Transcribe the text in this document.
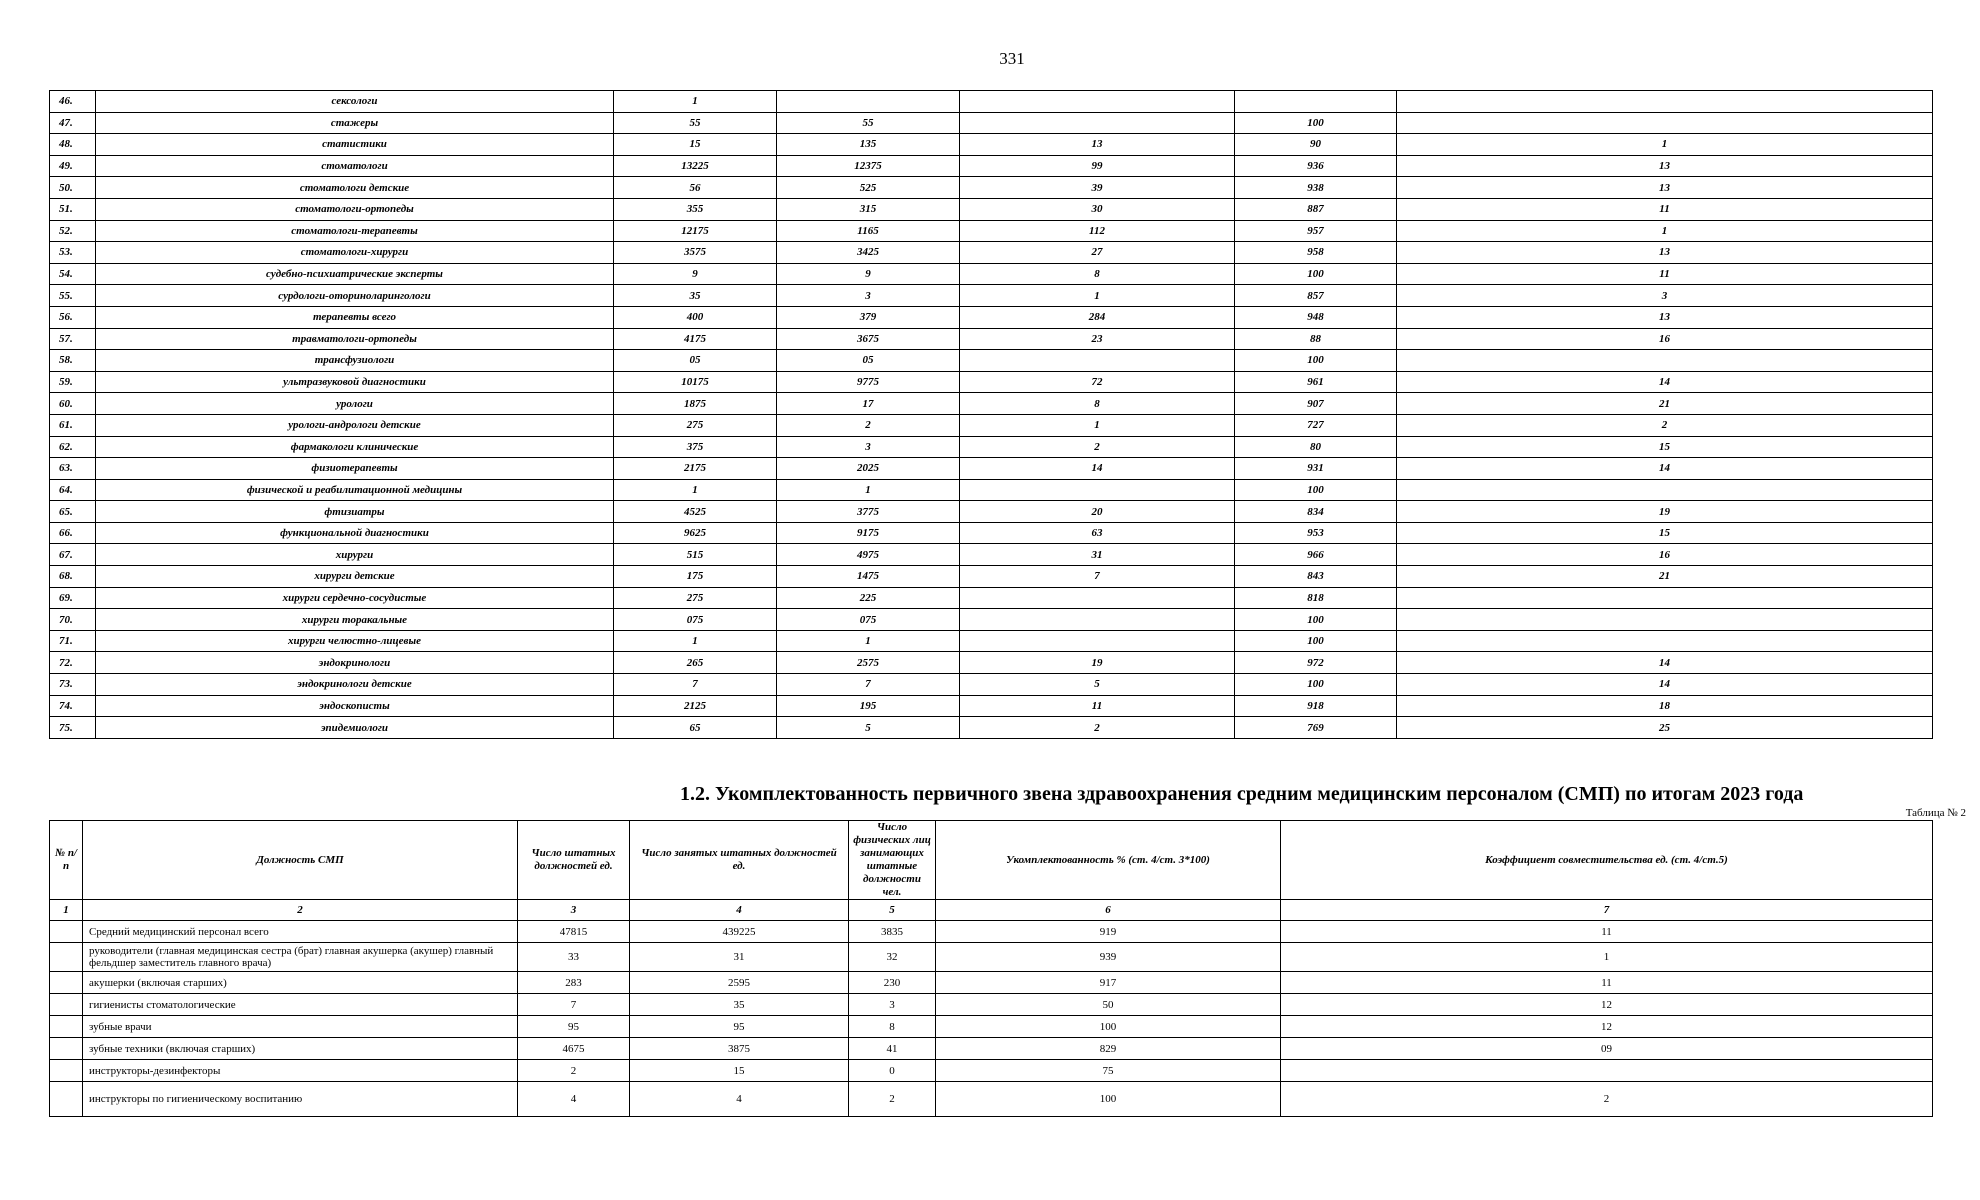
331
46.	сексологи	1				
47.	стажеры	55	55		100	
48.	статистики	15	135	13	90	1
49.	стоматологи	13225	12375	99	936	13
50.	стоматологи детские	56	525	39	938	13
51.	стоматологи-ортопеды	355	315	30	887	11
52.	стоматологи-терапевты	12175	1165	112	957	1
53.	стоматологи-хирурги	3575	3425	27	958	13
54.	судебно-психиатрические эксперты	9	9	8	100	11
55.	сурдологи-оториноларингологи	35	3	1	857	3
56.	терапевты всего	400	379	284	948	13
57.	травматологи-ортопеды	4175	3675	23	88	16
58.	трансфузиологи	05	05		100	
59.	ультразвуковой диагностики	10175	9775	72	961	14
60.	урологи	1875	17	8	907	21
61.	урологи-андрологи детские	275	2	1	727	2
62.	фармакологи клинические	375	3	2	80	15
63.	физиотерапевты	2175	2025	14	931	14
64.	физической и реабилитационной медицины	1	1		100	
65.	фтизиатры	4525	3775	20	834	19
66.	функциональной диагностики	9625	9175	63	953	15
67.	хирурги	515	4975	31	966	16
68.	хирурги детские	175	1475	7	843	21
69.	хирурги сердечно-сосудистые	275	225		818	
70.	хирурги торакальные	075	075		100	
71.	хирурги челюстно-лицевые	1	1		100	
72.	эндокринологи	265	2575	19	972	14
73.	эндокринологи детские	7	7	5	100	14
74.	эндоскописты	2125	195	11	918	18
75.	эпидемиологи	65	5	2	769	25
1.2. Укомплектованность первичного звена здравоохранения средним медицинским персоналом (СМП) по итогам 2023 года
Таблица № 2
№ п/п	Должность СМП	Число штатных должностей ед.	Число занятых штатных должностей ед.	Число физических лиц занимающих штатные должности чел.	Укомплектованность % (ст. 4/ст. 3*100)	Коэффициент совместительства ед. (ст. 4/ст.5)
1	2	3	4	5	6	7
	Средний медицинский персонал всего	47815	439225	3835	919	11
	руководители (главная медицинская сестра (брат) главная акушерка (акушер) главный фельдшер заместитель главного врача)	33	31	32	939	1
	акушерки (включая старших)	283	2595	230	917	11
	гигиенисты стоматологические	7	35	3	50	12
	зубные врачи	95	95	8	100	12
	зубные техники (включая старших)	4675	3875	41	829	09
	инструкторы-дезинфекторы	2	15	0	75	
	инструкторы по гигиеническому воспитанию	4	4	2	100	2
